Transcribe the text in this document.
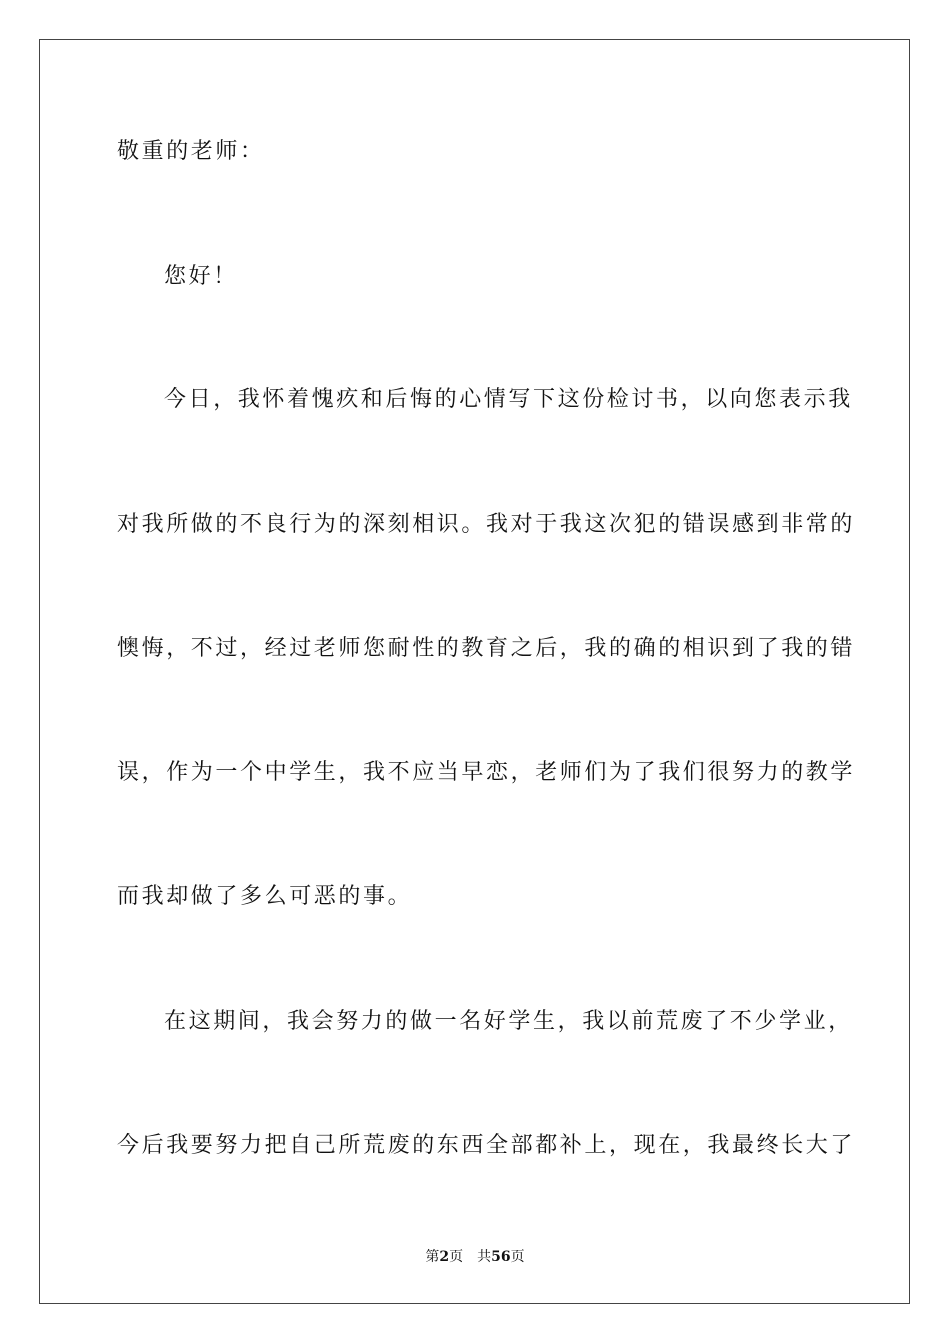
敬重的老师：
您好！
今日，我怀着愧疚和后悔的心情写下这份检讨书，以向您表示我
对我所做的不良行为的深刻相识。我对于我这次犯的错误感到非常的
懊悔，不过，经过老师您耐性的教育之后，我的确的相识到了我的错
误，作为一个中学生，我不应当早恋，老师们为了我们很努力的教学
而我却做了多么可恶的事。
在这期间，我会努力的做一名好学生，我以前荒废了不少学业，
今后我要努力把自己所荒废的东西全部都补上，现在，我最终长大了
第2页 共56页
